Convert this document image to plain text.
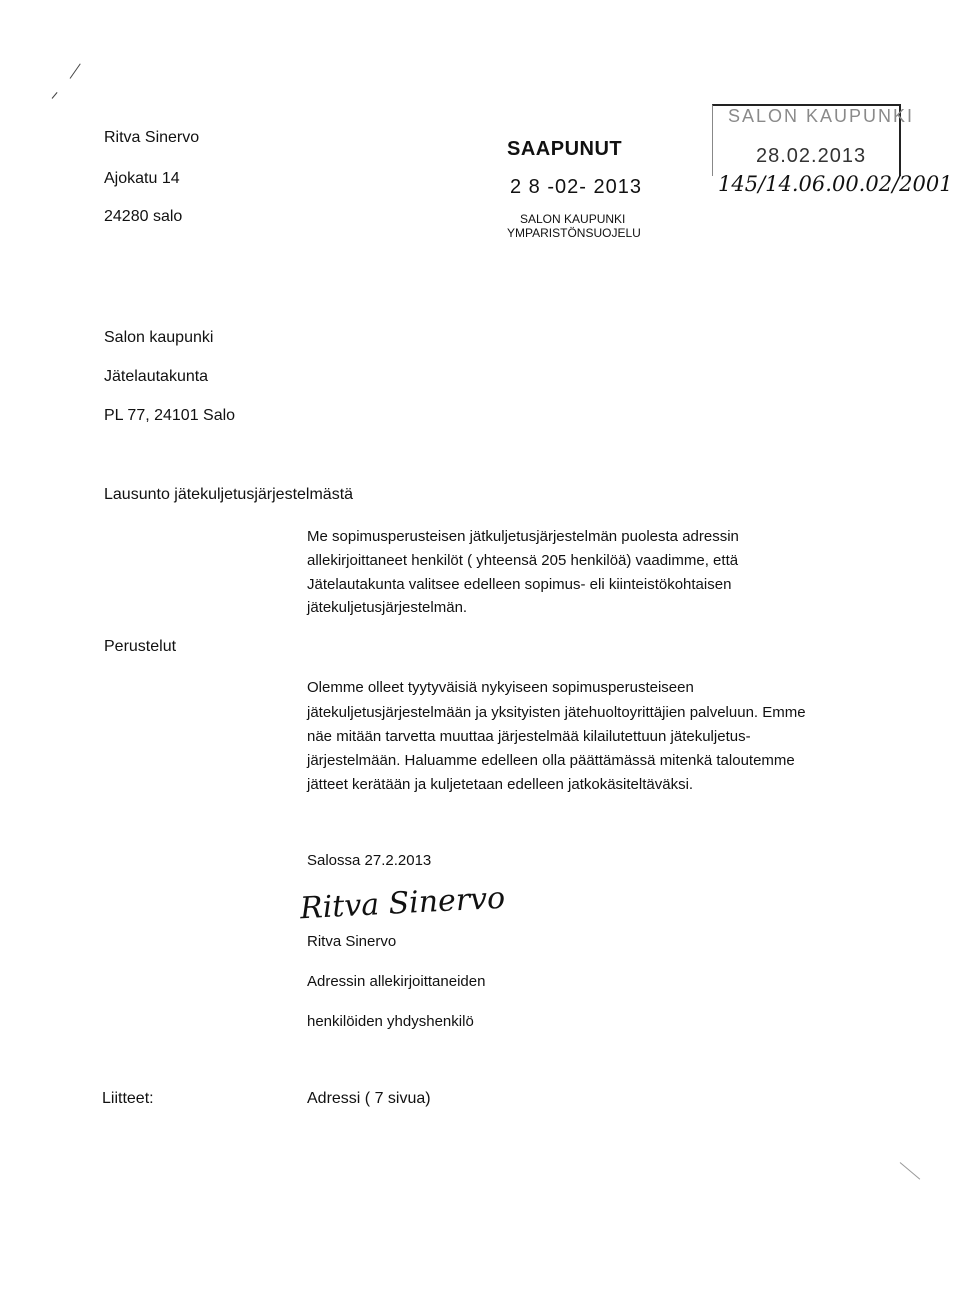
Ritva Sinervo
Ajokatu 14
24280 salo
SAAPUNUT
2 8 -02- 2013
SALON KAUPUNKI
YMPARISTÖNSUOJELU
SALON KAUPUNKI
28.02.2013
145/14.06.00.02/2001
Salon kaupunki
Jätelautakunta
PL 77, 24101 Salo
Lausunto jätekuljetusjärjestelmästä
Me sopimusperusteisen jätkuljetusjärjestelmän puolesta adressin
allekirjoittaneet henkilöt ( yhteensä 205 henkilöä) vaadimme, että
Jätelautakunta valitsee edelleen sopimus- eli kiinteistökohtaisen
jätekuljetusjärjestelmän.
Perustelut
Olemme olleet tyytyväisiä nykyiseen sopimusperusteiseen
jätekuljetusjärjestelmään ja yksityisten jätehuoltoyrittäjien palveluun. Emme
näe mitään tarvetta muuttaa järjestelmää kilailutettuun jätekuljetus-
järjestelmään. Haluamme edelleen olla päättämässä mitenkä taloutemme
jätteet kerätään ja kuljetetaan edelleen jatkokäsiteltäväksi.
Salossa 27.2.2013
Ritva Sinervo
Ritva Sinervo
Adressin allekirjoittaneiden
henkilöiden yhdyshenkilö
Liitteet:	Adressi ( 7 sivua)
